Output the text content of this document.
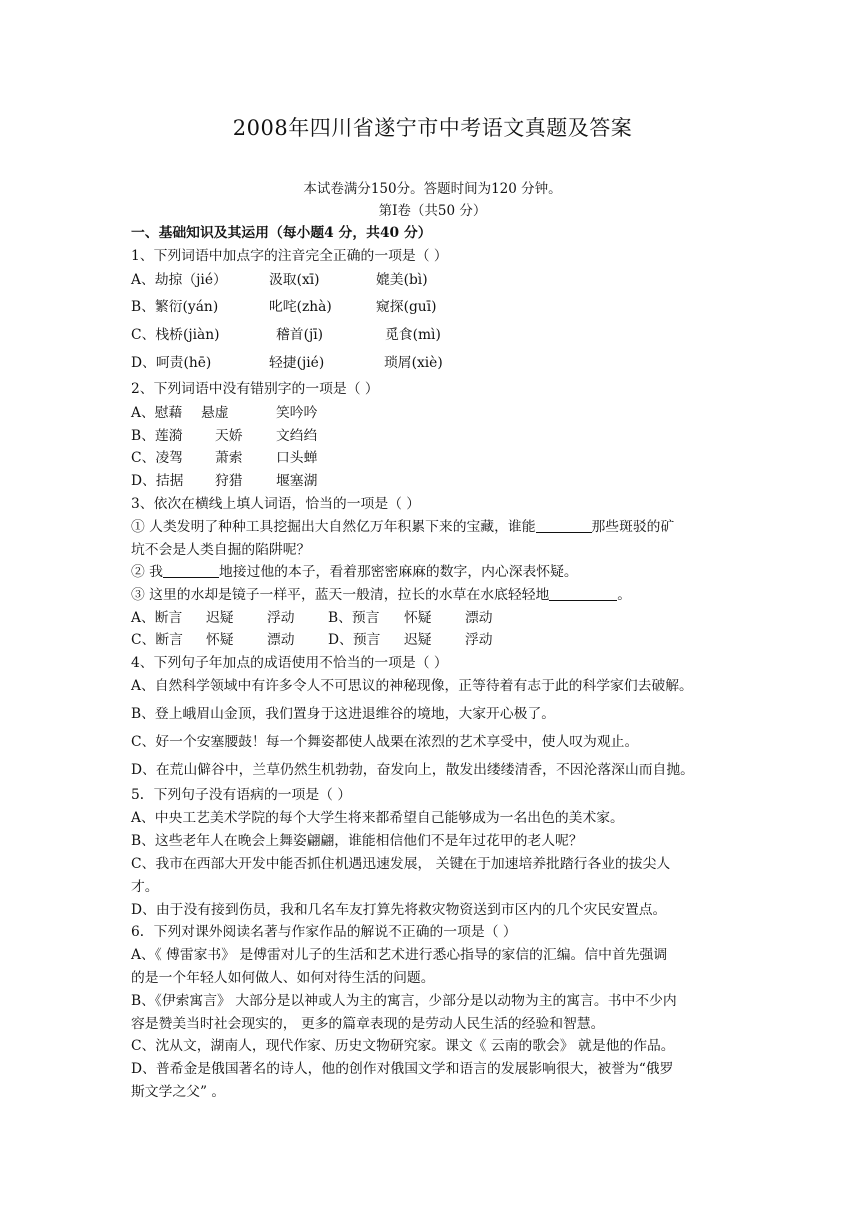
2008年四川省遂宁市中考语文真题及答案
本试卷满分150分。答题时间为120 分钟。
第Ⅰ卷（共50 分）
一、基础知识及其运用（每小题4 分，共40 分）
1、下列词语中加点字的注音完全正确的一项是（ ）
A、劫掠（jié）	汲取(xī)	媲美(bì)
B、繁衍(yán)	叱咤(zhà)	窥探(guī)
C、栈桥(jiàn)	稽首(jī)	觅食(mì)
D、呵责(hē)	轻捷(jié)	琐屑(xiè)
2、下列词语中没有错别字的一项是（ ）
A、慰藉 悬虚	笑吟吟
B、莲漪 天娇 文绉绉
C、凌驾 萧索 口头蝉
D、拮据 狩猎 堰塞湖
3、依次在横线上填人词语，恰当的一项是（ ）
① 人类发明了种种工具挖掘出大自然亿万年积累下来的宝藏，谁能	那些斑驳的矿
坑不会是人类自掘的陷阱呢？
② 我	地接过他的本子，看着那密密麻麻的数字，内心深表怀疑。
③ 这里的水却是镜子一样平，蓝天一般清，拉长的水草在水底轻轻地	。
A、断言 迟疑 浮动 B、预言 怀疑 漂动
C、断言 怀疑 漂动 D、预言 迟疑 浮动
4、下列句子年加点的成语使用不恰当的一项是（ ）
A、自然科学领域中有许多令人不可思议的神秘现像，正等待着有志于此的科学家们去破解。
B、登上峨眉山金顶，我们置身于这进退维谷的境地，大家开心极了。
C、好一个安塞腰鼓！每一个舞姿都使人战栗在浓烈的艺术享受中，使人叹为观止。
D、在荒山僻谷中，兰草仍然生机勃勃，奋发向上，散发出缕缕清香，不因沦落深山而自抛。
5．下列句子没有语病的一项是（ ）
A、中央工艺美术学院的每个大学生将来都希望自己能够成为一名出色的美术家。
B、这些老年人在晚会上舞姿翩翩，谁能相信他们不是年过花甲的老人呢？
C、我市在西部大开发中能否抓住机遇迅速发展， 关键在于加速培养批踏行各业的拔尖人
才。
D、由于没有接到伤员，我和几名车友打算先将救灾物资送到市区内的几个灾民安置点。
6．下列对课外阅读名著与作家作品的解说不正确的一项是（ ）
A、《 傅雷家书》 是傅雷对儿子的生活和艺术进行悉心指导的家信的汇编。信中首先强调
的是一个年轻人如何做人、如何对待生活的问题。
B、《伊索寓言》 大部分是以神或人为主的寓言，少部分是以动物为主的寓言。书中不少内
容是赞美当时社会现实的， 更多的篇章表现的是劳动人民生活的经验和智慧。
C、沈从文，湖南人，现代作家、历史文物研究家。课文《 云南的歌会》 就是他的作品。
D、普希金是俄国著名的诗人，他的创作对俄国文学和语言的发展影响很大，被誉为“俄罗
斯文学之父” 。
